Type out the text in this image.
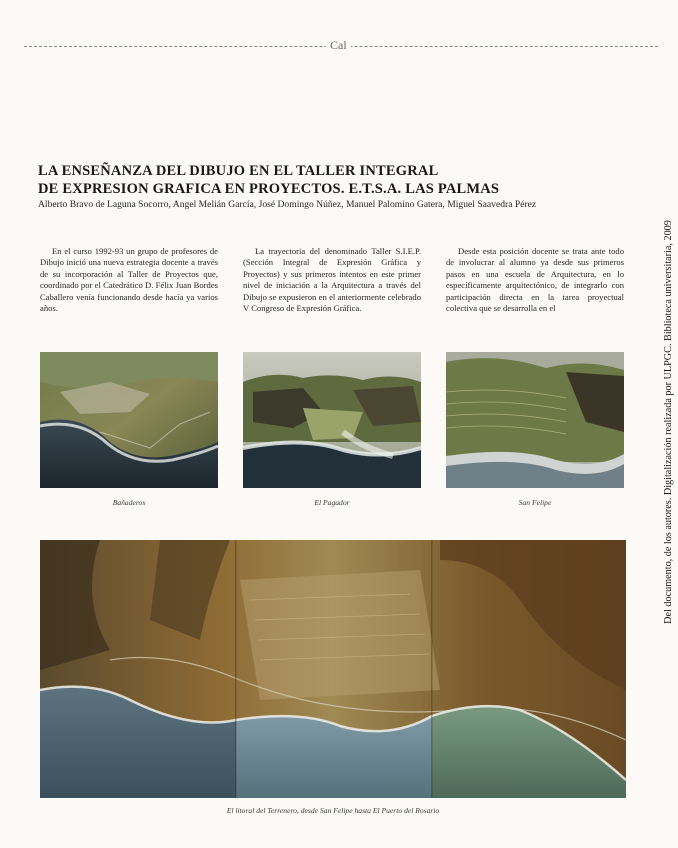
Cal
LA ENSEÑANZA DEL DIBUJO EN EL TALLER INTEGRAL
DE EXPRESION GRAFICA EN PROYECTOS. E.T.S.A. LAS PALMAS

Alberto Bravo de Laguna Socorro, Angel Melián García, José Domingo Núñez, Manuel Palomino Gatera, Miguel Saavedra Pérez

En el curso 1992-93 un grupo de profesores de Dibujo inició una nueva estrategia docente a través de su incorporación al Taller de Proyectos que, coordinado por el Catedrático D. Félix Juan Bordes Caballero venía funcionando desde hacía ya varios años.

La trayectoria del denominado Taller S.I.E.P. (Sección Integral de Expresión Gráfica y Proyectos) y sus primeros intentos en este primer nivel de iniciación a la Arquitectura a través del Dibujo se expusieron en el anteriormente celebrado V Congreso de Expresión Gráfica.

Desde esta posición docente se trata ante todo de involucrar al alumno ya desde sus primeros pasos en una escuela de Arquitectura, en lo específicamente arquitectónico, de integrarlo con participación directa en la tarea proyectual colectiva que se desarrolla en el

Bañaderos	El Pagador	San Felipe
El litoral del Terrenero, desde San Felipe hasta El Puerto del Rosario
Del documento, de los autores. Digitalización realizada por ULPGC. Biblioteca universitaria, 2009
